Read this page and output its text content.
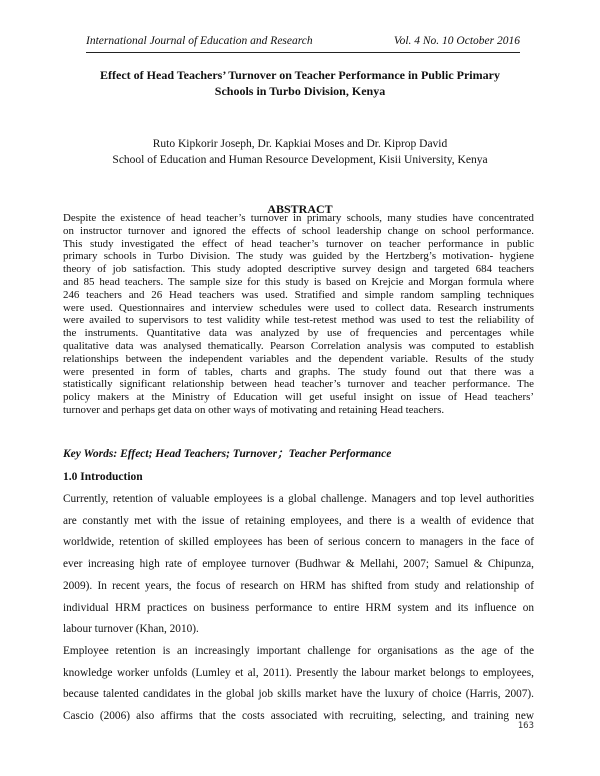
International Journal of Education and Research	Vol. 4 No. 10 October 2016
Effect of Head Teachers’ Turnover on Teacher Performance in Public Primary
Schools in Turbo Division, Kenya
Ruto Kipkorir Joseph, Dr. Kapkiai Moses and Dr. Kiprop David
School of Education and Human Resource Development, Kisii University, Kenya
ABSTRACT
Despite the existence of head teacher’s turnover in primary schools, many studies have concentrated
on instructor turnover and ignored the effects of school leadership change on school performance.
This study investigated the effect of head teacher’s turnover on teacher performance in public
primary schools in Turbo Division. The study was guided by the Hertzberg’s motivation- hygiene
theory of job satisfaction. This study adopted descriptive survey design and targeted 684 teachers
and 85 head teachers. The sample size for this study is based on Krejcie and Morgan formula where
246 teachers and 26 Head teachers was used. Stratified and simple random sampling techniques
were used. Questionnaires and interview schedules were used to collect data. Research instruments
were availed to supervisors to test validity while test-retest method was used to test the reliability of
the instruments. Quantitative data was analyzed by use of frequencies and percentages while
qualitative data was analysed thematically. Pearson Correlation analysis was computed to establish
relationships between the independent variables and the dependent variable. Results of the study
were presented in form of tables, charts and graphs. The study found out that there was a
statistically significant relationship between head teacher’s turnover and teacher performance. The
policy makers at the Ministry of Education will get useful insight on issue of Head teachers’
turnover and perhaps get data on other ways of motivating and retaining Head teachers.
Key Words: Effect; Head Teachers; Turnover；Teacher Performance
1.0 Introduction
Currently, retention of valuable employees is a global challenge. Managers and top level authorities
are constantly met with the issue of retaining employees, and there is a wealth of evidence that
worldwide, retention of skilled employees has been of serious concern to managers in the face of
ever increasing high rate of employee turnover (Budhwar & Mellahi, 2007; Samuel & Chipunza,
2009). In recent years, the focus of research on HRM has shifted from study and relationship of
individual HRM practices on business performance to entire HRM system and its influence on
labour turnover (Khan, 2010).
Employee retention is an increasingly important challenge for organisations as the age of the
knowledge worker unfolds (Lumley et al, 2011). Presently the labour market belongs to employees,
because talented candidates in the global job skills market have the luxury of choice (Harris, 2007).
Cascio (2006) also affirms that the costs associated with recruiting, selecting, and training new
163
